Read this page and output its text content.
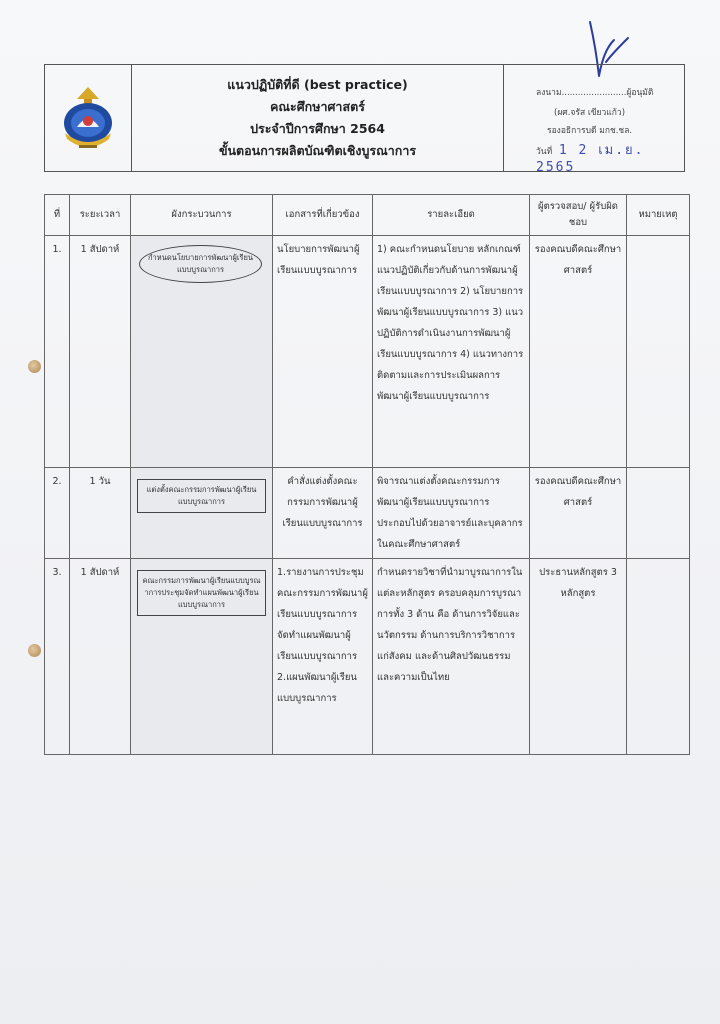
แนวปฏิบัติที่ดี (best practice)
คณะศึกษาศาสตร์
ประจำปีการศึกษา 2564
ขั้นตอนการผลิตบัณฑิตเชิงบูรณาการ
ลงนาม........................ผู้อนุมัติ
(ผศ.จรัส เขียวแก้ว)
รองอธิการบดี มกช.ชล.
วันที่ 1 2 เม.ย. 2565
ที่	ระยะเวลา	ผังกระบวนการ	เอกสารที่เกี่ยวข้อง	รายละเอียด	ผู้ตรวจสอบ/ ผู้รับผิดชอบ	หมายเหตุ
1.	1 สัปดาห์	กำหนดนโยบายการพัฒนาผู้เรียนแบบบูรณาการ	นโยบายการพัฒนาผู้เรียนแบบบูรณาการ	1) คณะกำหนดนโยบาย หลักเกณฑ์ แนวปฏิบัติเกี่ยวกับด้านการพัฒนาผู้เรียนแบบบูรณาการ 2) นโยบายการพัฒนาผู้เรียนแบบบูรณาการ 3) แนวปฏิบัติการดำเนินงานการพัฒนาผู้เรียนแบบบูรณาการ 4) แนวทางการติดตามและการประเมินผลการพัฒนาผู้เรียนแบบบูรณาการ	รองคณบดีคณะศึกษาศาสตร์	
2.	1 วัน	แต่งตั้งคณะกรรมการพัฒนาผู้เรียนแบบบูรณาการ	คำสั่งแต่งตั้งคณะกรรมการพัฒนาผู้เรียนแบบบูรณาการ	พิจารณาแต่งตั้งคณะกรรมการพัฒนาผู้เรียนแบบบูรณาการ ประกอบไปด้วยอาจารย์และบุคลากรในคณะศึกษาศาสตร์	รองคณบดีคณะศึกษาศาสตร์	
3.	1 สัปดาห์	คณะกรรมการพัฒนาผู้เรียนแบบบูรณาการประชุมจัดทำแผนพัฒนาผู้เรียนแบบบูรณาการ	1.รายงานการประชุม คณะกรรมการพัฒนาผู้เรียนแบบบูรณาการ จัดทำแผนพัฒนาผู้เรียนแบบบูรณาการ 2.แผนพัฒนาผู้เรียนแบบบูรณาการ	กำหนดรายวิชาที่นำมาบูรณาการในแต่ละหลักสูตร ครอบคลุมการบูรณาการทั้ง 3 ด้าน คือ ด้านการวิจัยและนวัตกรรม ด้านการบริการวิชาการแก่สังคม และด้านศิลปวัฒนธรรมและความเป็นไทย	ประธานหลักสูตร 3 หลักสูตร	
